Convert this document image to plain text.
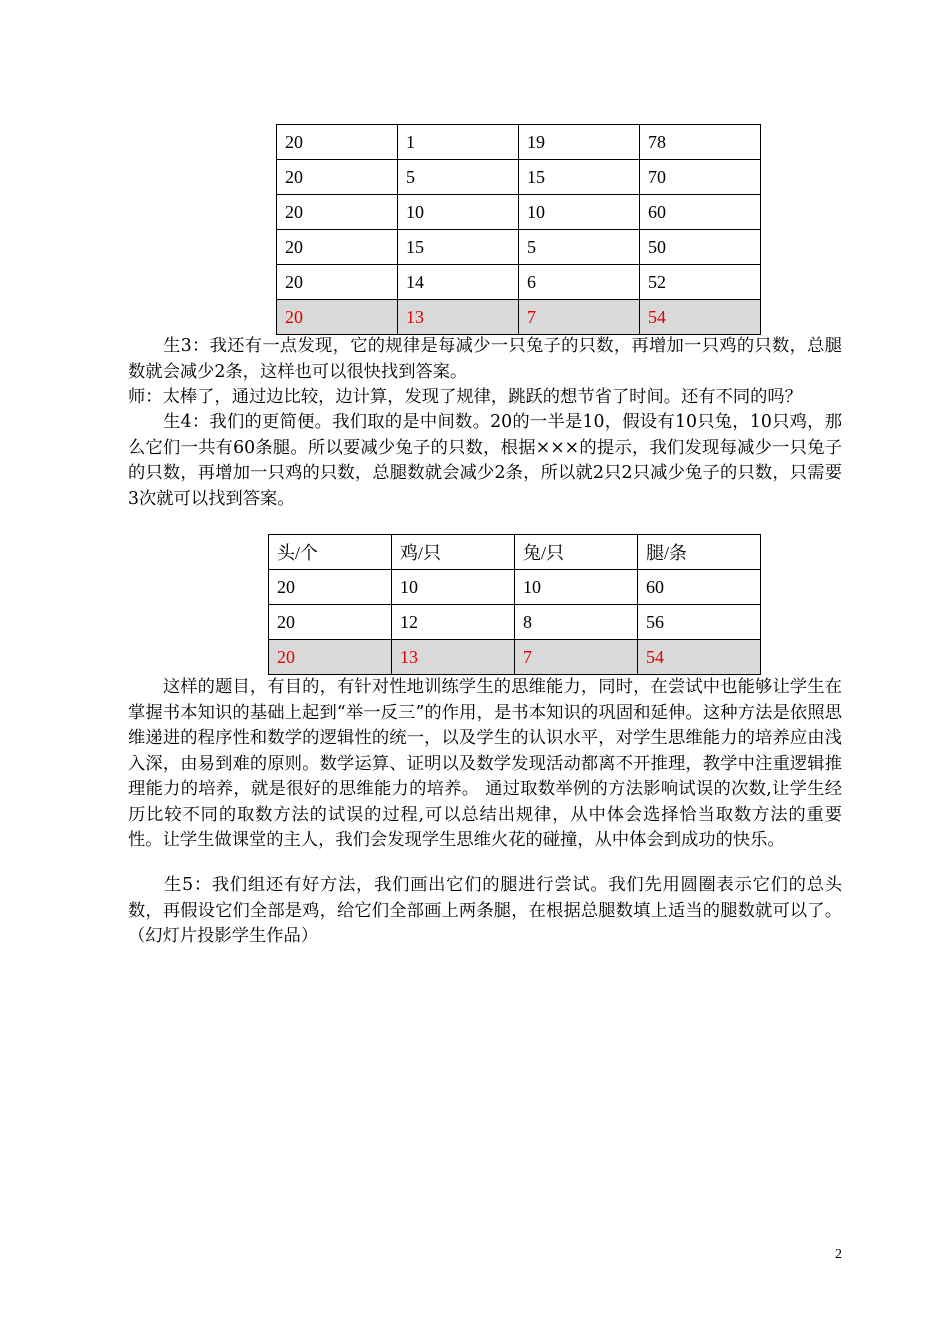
20	1	19	78
20	5	15	70
20	10	10	60
20	15	5	50
20	14	6	52
20	13	7	54

　　生3：我还有一点发现，它的规律是每减少一只兔子的只数，再增加一只鸡的只数，总腿数就会减少2条，这样也可以很快找到答案。

师：太棒了，通过边比较，边计算，发现了规律，跳跃的想节省了时间。还有不同的吗？

　　生4：我们的更简便。我们取的是中间数。20的一半是10，假设有10只兔，10只鸡，那么它们一共有60条腿。所以要减少兔子的只数，根据×××的提示，我们发现每减少一只兔子的只数，再增加一只鸡的只数，总腿数就会减少2条，所以就2只2只减少兔子的只数，只需要3次就可以找到答案。

头/个	鸡/只	兔/只	腿/条
20	10	10	60
20	12	8	56
20	13	7	54

　　这样的题目，有目的，有针对性地训练学生的思维能力，同时，在尝试中也能够让学生在掌握书本知识的基础上起到“举一反三”的作用，是书本知识的巩固和延伸。这种方法是依照思维递进的程序性和数学的逻辑性的统一，以及学生的认识水平，对学生思维能力的培养应由浅入深，由易到难的原则。数学运算、证明以及数学发现活动都离不开推理，教学中注重逻辑推理能力的培养，就是很好的思维能力的培养。 通过取数举例的方法影响试误的次数,让学生经历比较不同的取数方法的试误的过程,可以总结出规律，从中体会选择恰当取数方法的重要性。让学生做课堂的主人，我们会发现学生思维火花的碰撞，从中体会到成功的快乐。

　　生5：我们组还有好方法，我们画出它们的腿进行尝试。我们先用圆圈表示它们的总头数，再假设它们全部是鸡，给它们全部画上两条腿，在根据总腿数填上适当的腿数就可以了。（幻灯片投影学生作品）

2
